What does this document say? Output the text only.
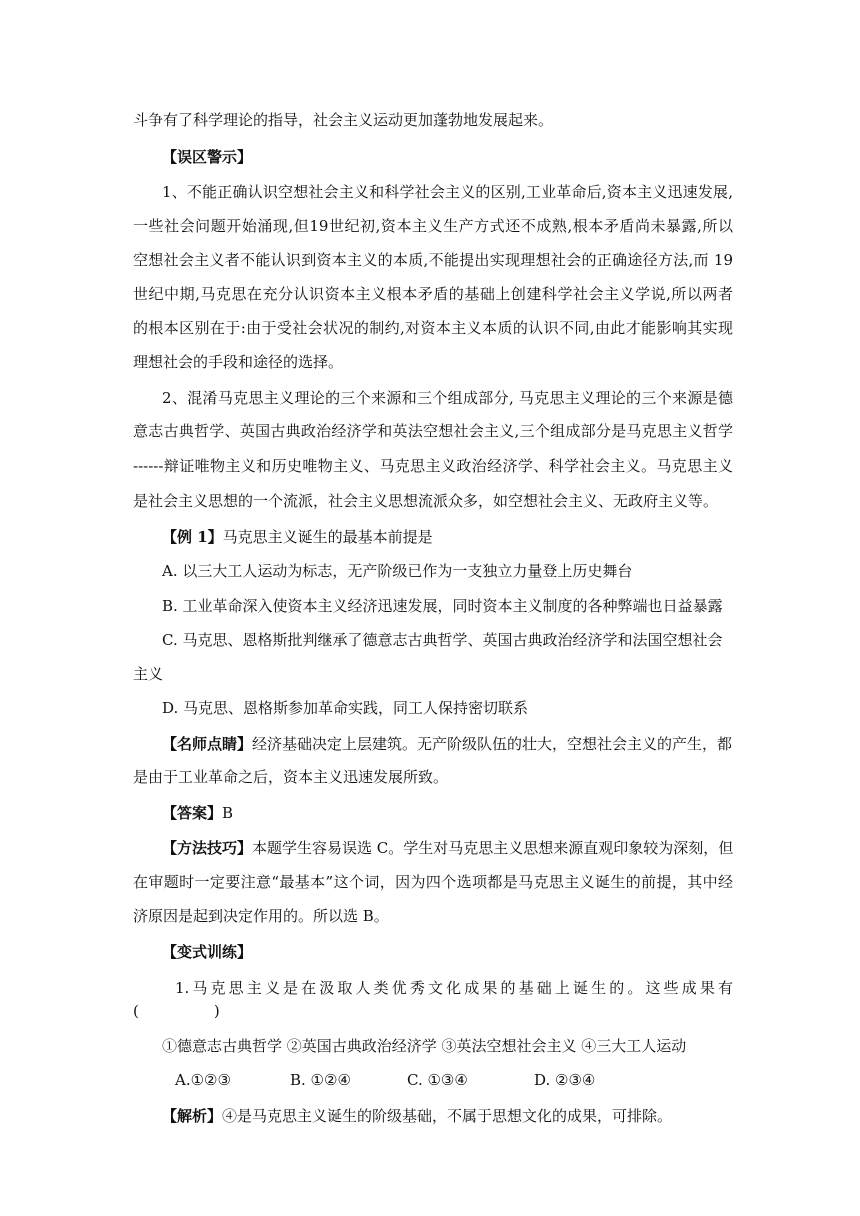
斗争有了科学理论的指导，社会主义运动更加蓬勃地发展起来。
【误区警示】
1、不能正确认识空想社会主义和科学社会主义的区别,工业革命后,资本主义迅速发展,
一些社会问题开始涌现,但19世纪初,资本主义生产方式还不成熟,根本矛盾尚未暴露,所以
空想社会主义者不能认识到资本主义的本质,不能提出实现理想社会的正确途径方法,而 19
世纪中期,马克思在充分认识资本主义根本矛盾的基础上创建科学社会主义学说,所以两者
的根本区别在于:由于受社会状况的制约,对资本主义本质的认识不同,由此才能影响其实现
理想社会的手段和途径的选择。
2、混淆马克思主义理论的三个来源和三个组成部分, 马克思主义理论的三个来源是德
意志古典哲学、英国古典政治经济学和英法空想社会主义,三个组成部分是马克思主义哲学
------辩证唯物主义和历史唯物主义、马克思主义政治经济学、科学社会主义。马克思主义
是社会主义思想的一个流派，社会主义思想流派众多，如空想社会主义、无政府主义等。
【例 1】马克思主义诞生的最基本前提是
A. 以三大工人运动为标志，无产阶级已作为一支独立力量登上历史舞台
B. 工业革命深入使资本主义经济迅速发展，同时资本主义制度的各种弊端也日益暴露
C. 马克思、恩格斯批判继承了德意志古典哲学、英国古典政治经济学和法国空想社会
主义
D. 马克思、恩格斯参加革命实践，同工人保持密切联系
【名师点睛】经济基础决定上层建筑。无产阶级队伍的壮大，空想社会主义的产生，都
是由于工业革命之后，资本主义迅速发展所致。
【答案】B
【方法技巧】本题学生容易误选 C。学生对马克思主义思想来源直观印象较为深刻，但
在审题时一定要注意“最基本”这个词，因为四个选项都是马克思主义诞生的前提，其中经
济原因是起到决定作用的。所以选 B。
【变式训练】
1.马克思主义是在汲取人类优秀文化成果的基础上诞生的。这些成果有
(　　　　　)
①德意志古典哲学 ②英国古典政治经济学 ③英法空想社会主义 ④三大工人运动
A.①②③	B. ①②④	C. ①③④	D. ②③④
【解析】④是马克思主义诞生的阶级基础，不属于思想文化的成果，可排除。
